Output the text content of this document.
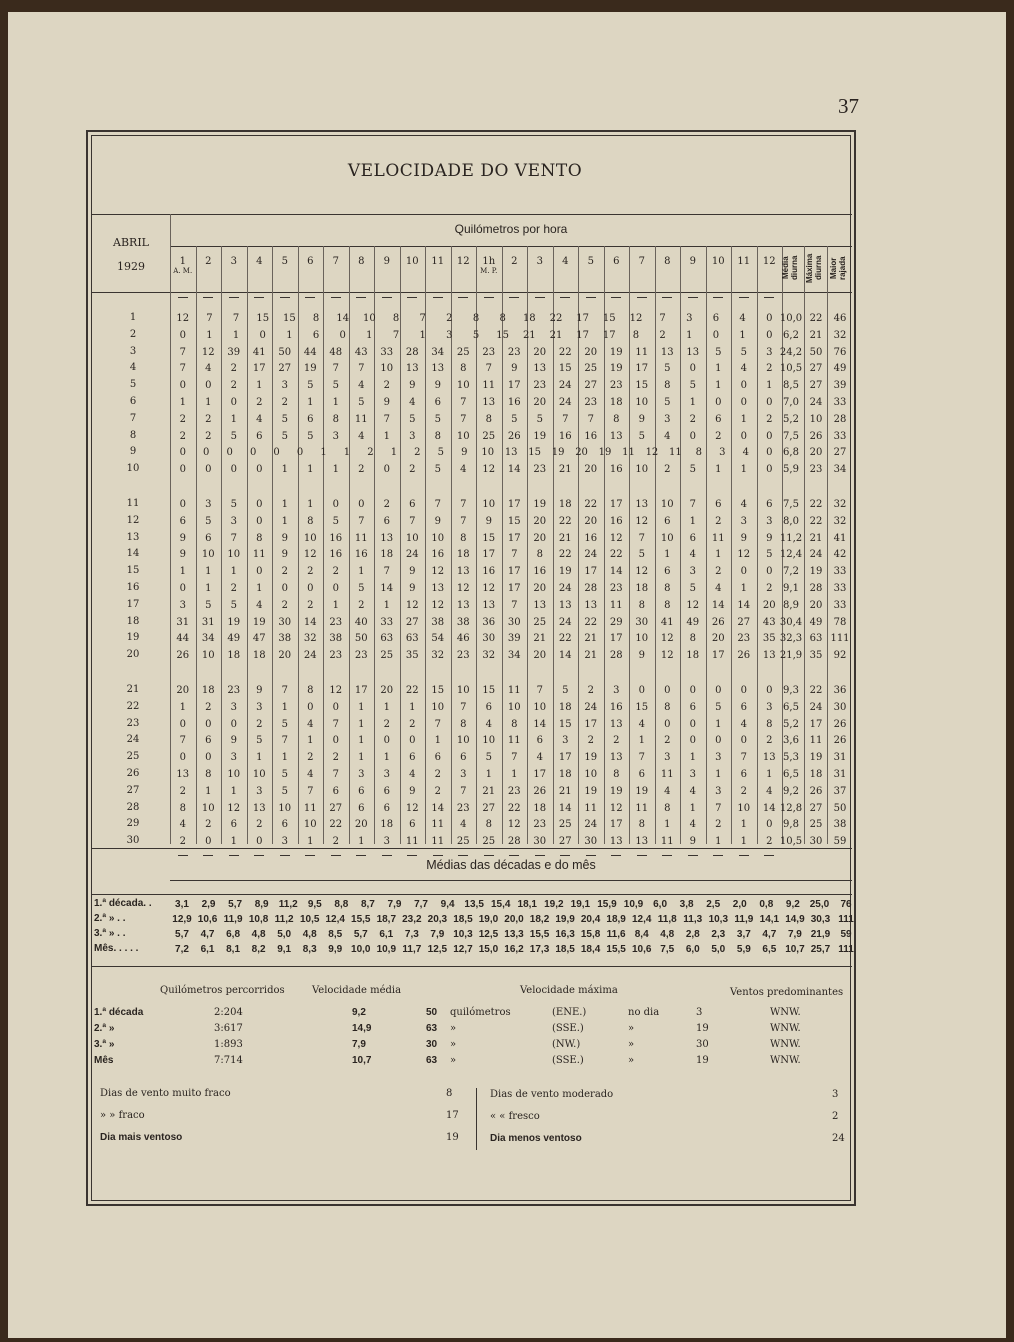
37
VELOCIDADE DO VENTO
Quilómetros por hora
ABRIL
1929
Médias das décadas e do mês
1
A. M.
2	3	4	5	6	7	8	9	10	11	12	1h
M. P.
2	3	4	5	6	7	8	9	10	11	12 Média diurna Máxima diurna Maior rajada
1	12	7	7	15	15	8	14	10	8	7	2	8	8	18	22	17	15	12	7	3	6	4	0 10,0 22	46
2	0	1	1	0	1	6	0	1	7	1	3	5	15	21	21	17	17	8	2	1	0	1	0	6,2	21	32
3	7	12	39	41	50	44	48	43	33	28	34	25	23	23	20	22	20	19	11	13	13	5	5	3 24,2 50	76
4	7	4	2	17	27	19	7	7	10	13	13	8	7	9	13	15	25	19	17	5	0	1	4	2 10,5 27	49
5	0	0	2	1	3	5	5	4	2	9	9	10	11	17	23	24	27	23	15	8	5	1	0	1	8,5	27	39
6	1	1	0	2	2	1	1	5	9	4	6	7	13	16	20	24	23	18	10	5	1	0	0	0	7,0	24	33
7	2	2	1	4	5	6	8	11	7	5	5	7	8	5	5	7	7	8	9	3	2	6	1	2	5,2	10	28
8	2	2	5	6	5	5	3	4	1	3	8	10	25	26	19	16	16	13	5	4	0	2	0	0	7,5	26	33
9	0	0	0	0	0	0	1	1	2	1	2	5	9	10	13	15	19	20	19	11	12	11	8	3	4	0	6,8	20	27
10	0	0	0	0	1	1	1	2	0	2	5	4	12	14	23	21	20	16	10	2	5	1	1	0	5,9	23	34
11	0	3	5	0	1	1	0	0	2	6	7	7	10	17	19	18	22	17	13	10	7	6	4	6	7,5	22	32
12	6	5	3	0	1	8	5	7	6	7	9	7	9	15	20	22	20	16	12	6	1	2	3	3	8,0	22	32
13	9	6	7	8	9	10	16	11	13	10	10	8	15	17	20	21	16	12	7	10	6	11	9	9 11,2 21	41
14	9	10	10	11	9	12	16	16	18	24	16	18	17	7	8	22	24	22	5	1	4	1	12	5 12,4 24	42
15	1	1	1	0	2	2	2	1	7	9	12	13	16	17	16	19	17	14	12	6	3	2	0	0	7,2	19	33
16	0	1	2	1	0	0	0	5	14	9	13	12	12	17	20	24	28	23	18	8	5	4	1	2	9,1	28	33
17	3	5	5	4	2	2	1	2	1	12	12	13	13	7	13	13	13	11	8	8	12	14	14	20 8,9	20	33
18	31	31	19	19	30	14	23	40	33	27	38	38	36	30	25	24	22	29	30	41	49	26	27	43 30,4 49	78
19	44	34	49	47	38	32	38	50	63	63	54	46	30	39	21	22	21	17	10	12	8	20	23	35 32,3 63 111
20	26	10	18	18	20	24	23	23	25	35	32	23	32	34	20	14	21	28	9	12	18	17	26	13 21,9 35	92
21	20	18	23	9	7	8	12	17	20	22	15	10	15	11	7	5	2	3	0	0	0	0	0	0	9,3	22	36
22	1	2	3	3	1	0	0	1	1	1	10	7	6	10	10	18	24	16	15	8	6	5	6	3	6,5	24	30
23	0	0	0	2	5	4	7	1	2	2	7	8	4	8	14	15	17	13	4	0	0	1	4	8	5,2	17	26
24	7	6	9	5	7	1	0	1	0	0	1	10	10	11	6	3	2	2	1	2	0	0	0	2	3,6	11	26
25	0	0	3	1	1	2	2	1	1	6	6	6	5	7	4	17	19	13	7	3	1	3	7	13 5,3	19	31
26	13	8	10	10	5	4	7	3	3	4	2	3	1	1	17	18	10	8	6	11	3	1	6	1	6,5	18	31
27	2	1	1	3	5	7	6	6	6	9	2	7	21	23	26	21	19	19	19	4	4	3	2	4	9,2	26	37
28	8	10	12	13	10	11	27	6	6	12	14	23	27	22	18	14	11	12	11	8	1	7	10	14 12,8 27	50
29	4	2	6	2	6	10	22	20	18	6	11	4	8	12	23	25	24	17	8	1	4	2	1	0	9,8	25	38
30	2	0	1	0	3	1	2	1	3	11	11	25	25	28	30	27	30	13	13	11	9	1	1	2 10,5 30	59
1.ª década. .	3,1	2,9	5,7	8,9	11,2	9,5	8,8	8,7	7,9	7,7	9,4 13,5 15,4 18,1 19,2 19,1 15,9 10,9 6,0	3,8	2,5	2,0	0,8	9,2 25,0	76
2.ª » . .	12,9 10,6 11,9 10,8 11,2 10,5 12,4 15,5 18,7 23,2 20,3 18,5 19,0 20,0 18,2 19,9 20,4 18,9 12,4 11,8 11,3 10,3 11,9 14,1 14,9 30,3 111
3.ª » . .	5,7	4,7	6,8	4,8	5,0	4,8	8,5	5,7	6,1	7,3	7,9 10,3 12,5 13,3 15,5 16,3 15,8 11,6 8,4	4,8	2,8	2,3	3,7	4,7	7,9 21,9	59
Mês. . . . .	7,2	6,1	8,1	8,2	9,1	8,3	9,9 10,0 10,9 11,7 12,5 12,7 15,0 16,2 17,3 18,5 18,4 15,5 10,6 7,5	6,0	5,0	5,9	6,5 10,7 25,7 111
Quilómetros percorridos	Velocidade média	Velocidade máxima	Ventos predominantes
1.ª década	2:204	9,2	50 quilómetros	(ENE.)	no dia	3	WNW.
2.ª »	3:617	14,9	63 »	(SSE.)	»	19	WNW.
3.ª »	1:893	7,9	30 »	(NW.)	»	30	WNW.
Mês	7:714	10,7	63 »	(SSE.)	»	19	WNW.
Dias de vento muito fraco	8
» » fraco	17
Dia mais ventoso	19
Dias de vento moderado	3
« « fresco	2
Dia menos ventoso	24
